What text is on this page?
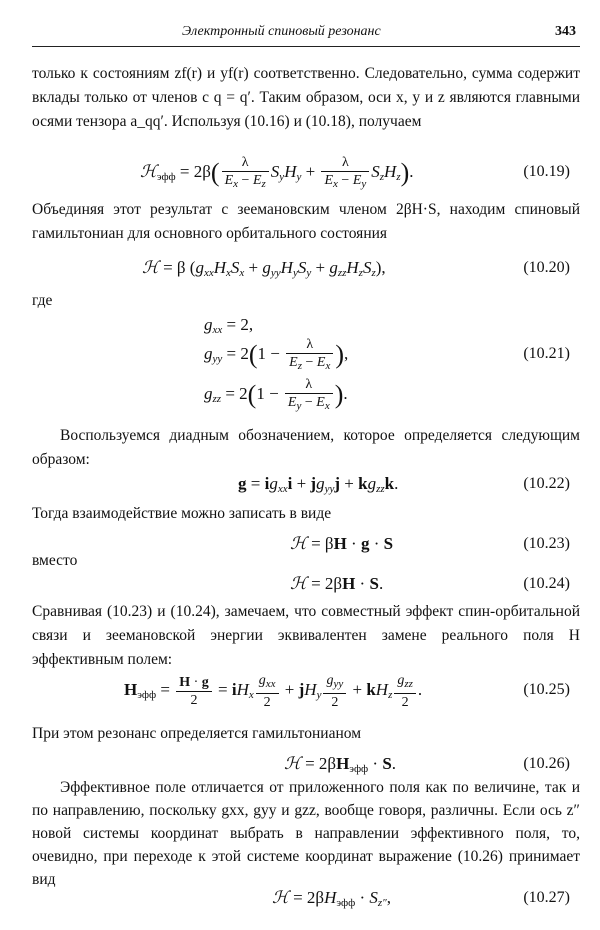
Электронный спиновый резонанс	343
только к состояниям zf(r) и yf(r) соответственно. Следовательно, сумма содержит вклады только от членов с q = q′. Таким образом, оси x, y и z являются главными осями тензора a_qq′. Используя (10.16) и (10.18), получаем
ℋ$_{эфф}$ = $2\beta( \frac{\lambda}{E_x - E_z} S_yH_y + \frac{\lambda}{E_x - E_y} S_zH_z)$.	(10.19)
Объединяя этот результат с зеемановским членом 2βH·S, находим спиновый гамильтониан для основного орбитального состояния
ℋ = β $(g_{xx}H_xS_x + g_{yy}H_yS_y + g_{zz}H_zS_z)$,	(10.20)
где
$g_{xx} = 2$,
$g_{yy} = 2(1 - \frac{\lambda}{E_z - E_x}$ ),	(10.21)
$g_{zz} = 2(1 - \frac{\lambda}{E_y - E_x}$ ).
Воспользуемся диадным обозначением, которое определяется следующим образом:
$g = ig_{xx}i + jg_{yy}j + kg_{zz}k$.	(10.22)
Тогда взаимодействие можно записать в виде
ℋ = βH · g · S	(10.23)
вместо
ℋ = 2βH · S.	(10.24)
Сравнивая (10.23) и (10.24), замечаем, что совместный эффект спин-орбитальной связи и зеемановской энергии эквивалентен замене реального поля H эффективным полем:
$H_{эфф} = \frac{H \cdot g}{2} = iH_x \frac{g_{xx}}{2} + jH_y \frac{g_{yy}}{2} + kH_z \frac{g_{zz}}{2}$ .	(10.25)
При этом резонанс определяется гамильтонианом
ℋ = $2\beta H_{эфф} \cdot S$.	(10.26)
Эффективное поле отличается от приложенного поля как по величине, так и по направлению, поскольку gxx, gyy и gzz, вообще говоря, различны. Если ось z″ новой системы координат выбрать в направлении эффективного поля, то, очевидно, при переходе к этой системе координат выражение (10.26) принимает вид
ℋ = $2\beta H_{эфф} \cdot S_{z''}$,	(10.27)
